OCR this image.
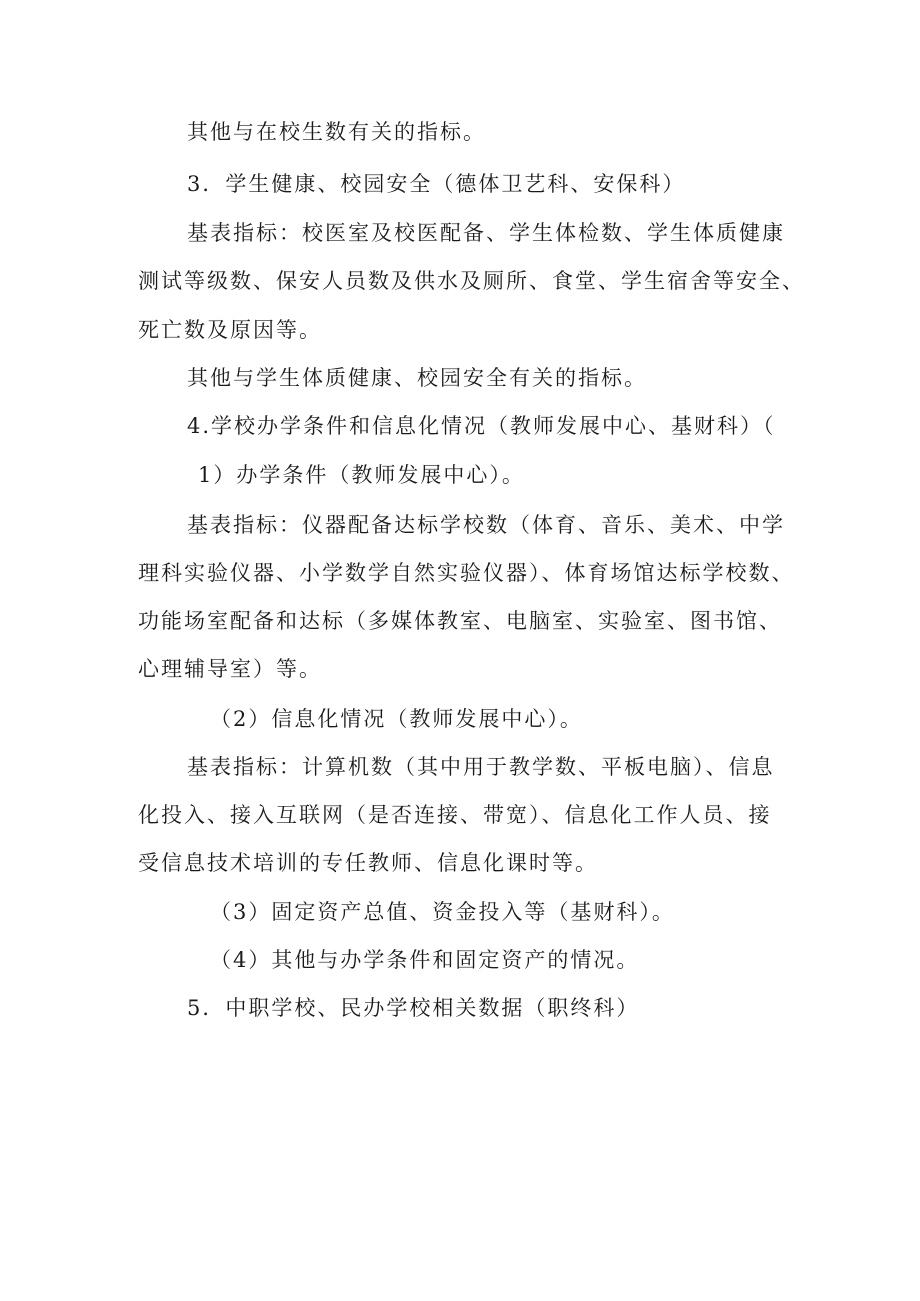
其他与在校生数有关的指标。
3．学生健康、校园安全（德体卫艺科、安保科）
基表指标：校医室及校医配备、学生体检数、学生体质健康
测试等级数、保安人员数及供水及厕所、食堂、学生宿舍等安全、
死亡数及原因等。
其他与学生体质健康、校园安全有关的指标。
4.学校办学条件和信息化情况（教师发展中心、基财科）（
1）办学条件（教师发展中心）。
基表指标：仪器配备达标学校数（体育、音乐、美术、中学
理科实验仪器、小学数学自然实验仪器）、体育场馆达标学校数、
功能场室配备和达标（多媒体教室、电脑室、实验室、图书馆、
心理辅导室）等。
（2）信息化情况（教师发展中心）。
基表指标：计算机数（其中用于教学数、平板电脑）、信息
化投入、接入互联网（是否连接、带宽）、信息化工作人员、接
受信息技术培训的专任教师、信息化课时等。
（3）固定资产总值、资金投入等（基财科）。
（4）其他与办学条件和固定资产的情况。
5．中职学校、民办学校相关数据（职终科）
